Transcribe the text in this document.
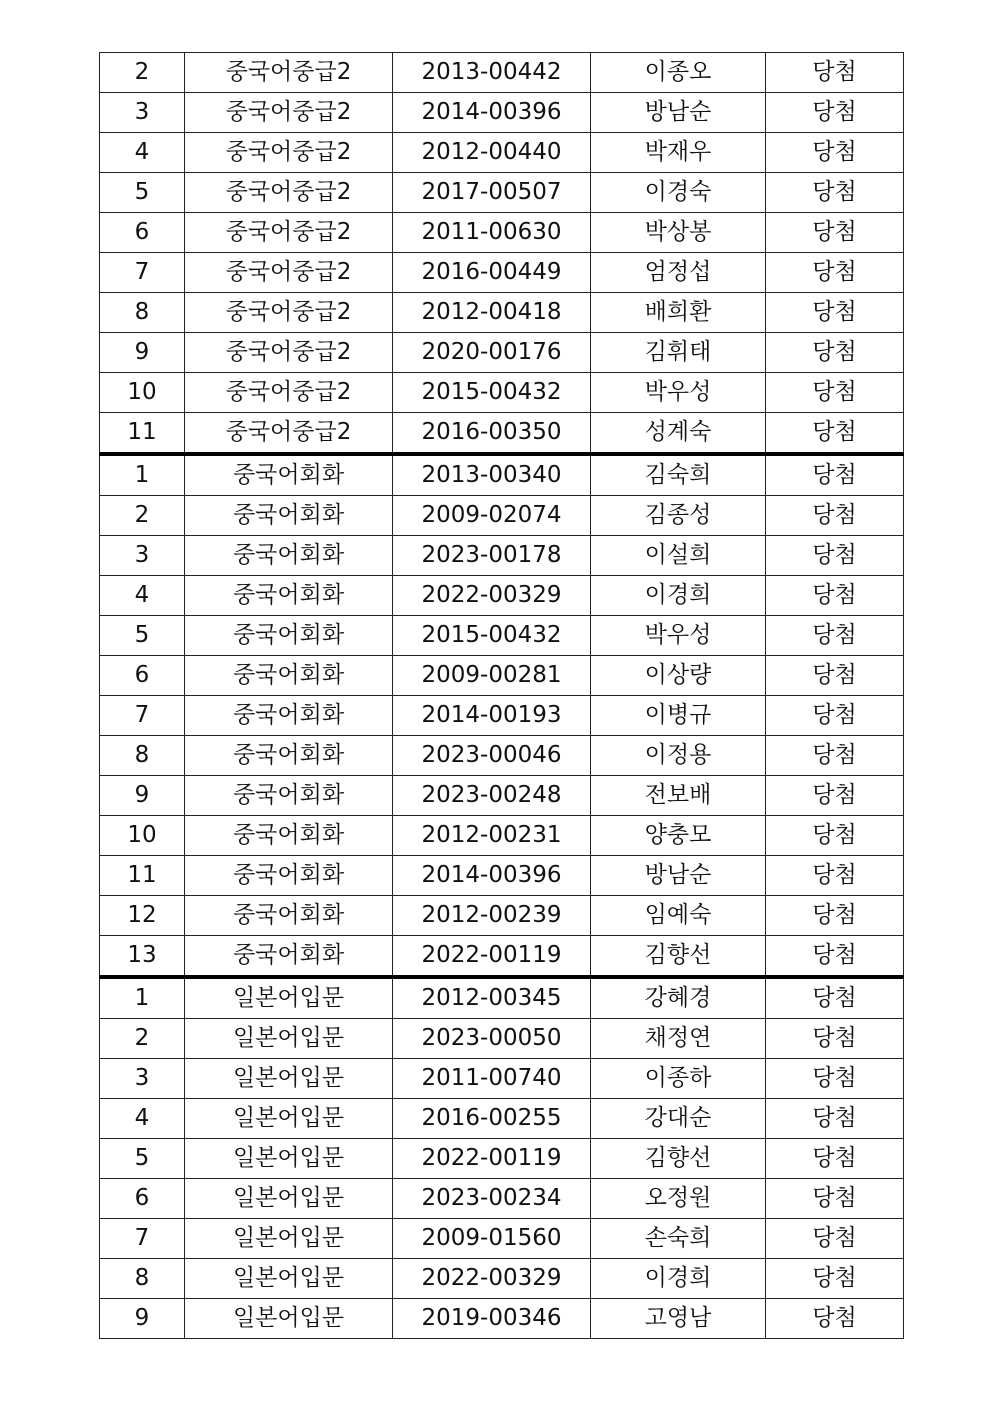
2	중국어중급2	2013-00442	이종오	당첨
3	중국어중급2	2014-00396	방남순	당첨
4	중국어중급2	2012-00440	박재우	당첨
5	중국어중급2	2017-00507	이경숙	당첨
6	중국어중급2	2011-00630	박상봉	당첨
7	중국어중급2	2016-00449	엄정섭	당첨
8	중국어중급2	2012-00418	배희환	당첨
9	중국어중급2	2020-00176	김휘태	당첨
10	중국어중급2	2015-00432	박우성	당첨
11	중국어중급2	2016-00350	성계숙	당첨
1	중국어회화	2013-00340	김숙희	당첨
2	중국어회화	2009-02074	김종성	당첨
3	중국어회화	2023-00178	이설희	당첨
4	중국어회화	2022-00329	이경희	당첨
5	중국어회화	2015-00432	박우성	당첨
6	중국어회화	2009-00281	이상량	당첨
7	중국어회화	2014-00193	이병규	당첨
8	중국어회화	2023-00046	이정용	당첨
9	중국어회화	2023-00248	전보배	당첨
10	중국어회화	2012-00231	양충모	당첨
11	중국어회화	2014-00396	방남순	당첨
12	중국어회화	2012-00239	임예숙	당첨
13	중국어회화	2022-00119	김향선	당첨
1	일본어입문	2012-00345	강혜경	당첨
2	일본어입문	2023-00050	채정연	당첨
3	일본어입문	2011-00740	이종하	당첨
4	일본어입문	2016-00255	강대순	당첨
5	일본어입문	2022-00119	김향선	당첨
6	일본어입문	2023-00234	오정원	당첨
7	일본어입문	2009-01560	손숙희	당첨
8	일본어입문	2022-00329	이경희	당첨
9	일본어입문	2019-00346	고영남	당첨
